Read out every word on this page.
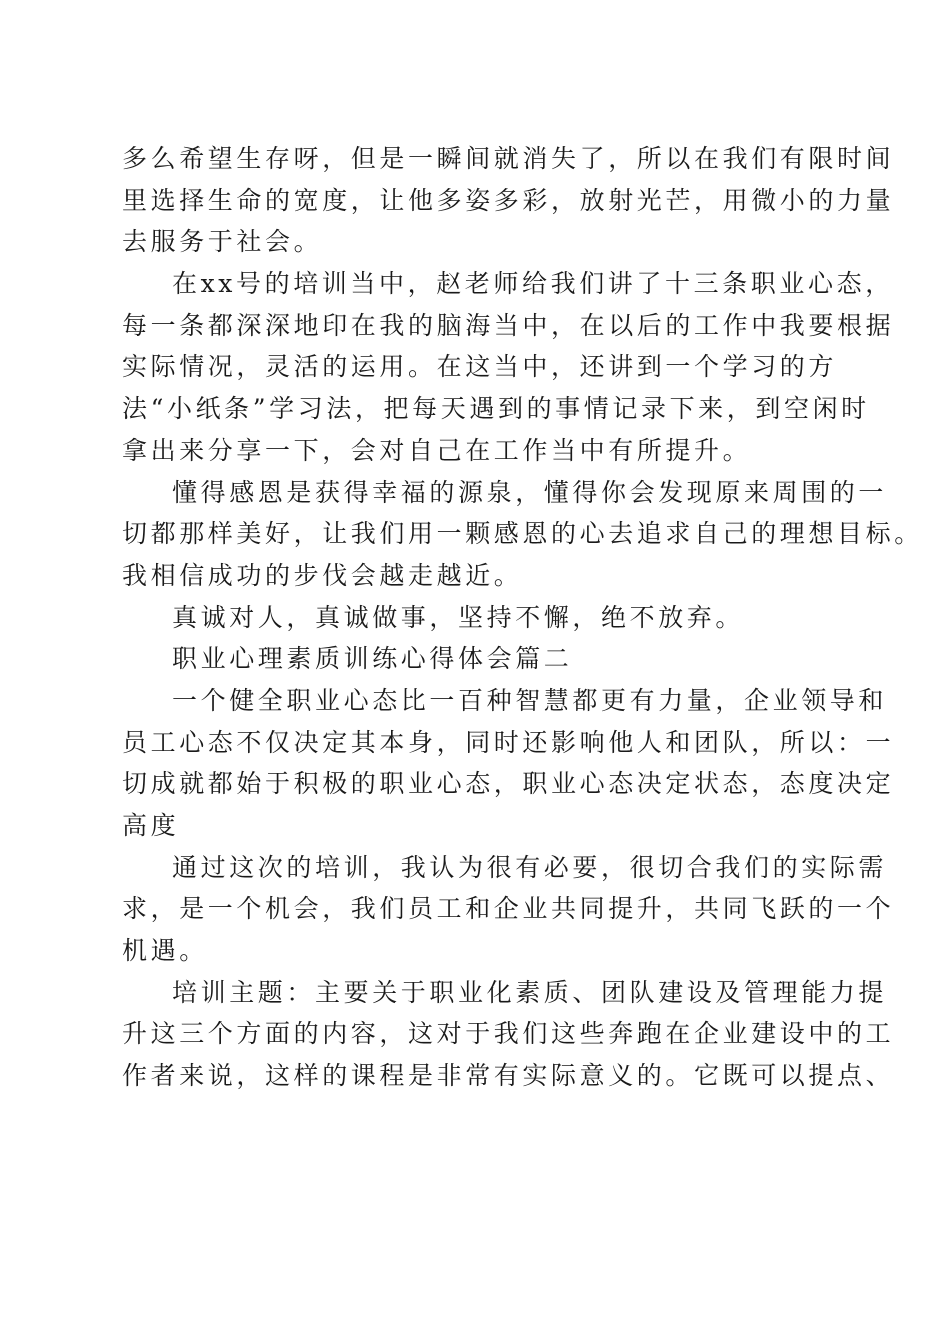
多么希望生存呀，但是一瞬间就消失了，所以在我们有限时间
里选择生命的宽度，让他多姿多彩，放射光芒，用微小的力量
去服务于社会。
在xx号的培训当中，赵老师给我们讲了十三条职业心态，
每一条都深深地印在我的脑海当中，在以后的工作中我要根据
实际情况，灵活的运用。在这当中，还讲到一个学习的方
法“小纸条”学习法，把每天遇到的事情记录下来，到空闲时
拿出来分享一下，会对自己在工作当中有所提升。
懂得感恩是获得幸福的源泉，懂得你会发现原来周围的一
切都那样美好，让我们用一颗感恩的心去追求自己的理想目标。
我相信成功的步伐会越走越近。
真诚对人，真诚做事，坚持不懈，绝不放弃。
职业心理素质训练心得体会篇二
一个健全职业心态比一百种智慧都更有力量，企业领导和
员工心态不仅决定其本身，同时还影响他人和团队，所以：一
切成就都始于积极的职业心态，职业心态决定状态，态度决定
高度
通过这次的培训，我认为很有必要，很切合我们的实际需
求，是一个机会，我们员工和企业共同提升，共同飞跃的一个
机遇。
培训主题：主要关于职业化素质、团队建设及管理能力提
升这三个方面的内容，这对于我们这些奔跑在企业建设中的工
作者来说，这样的课程是非常有实际意义的。它既可以提点、
